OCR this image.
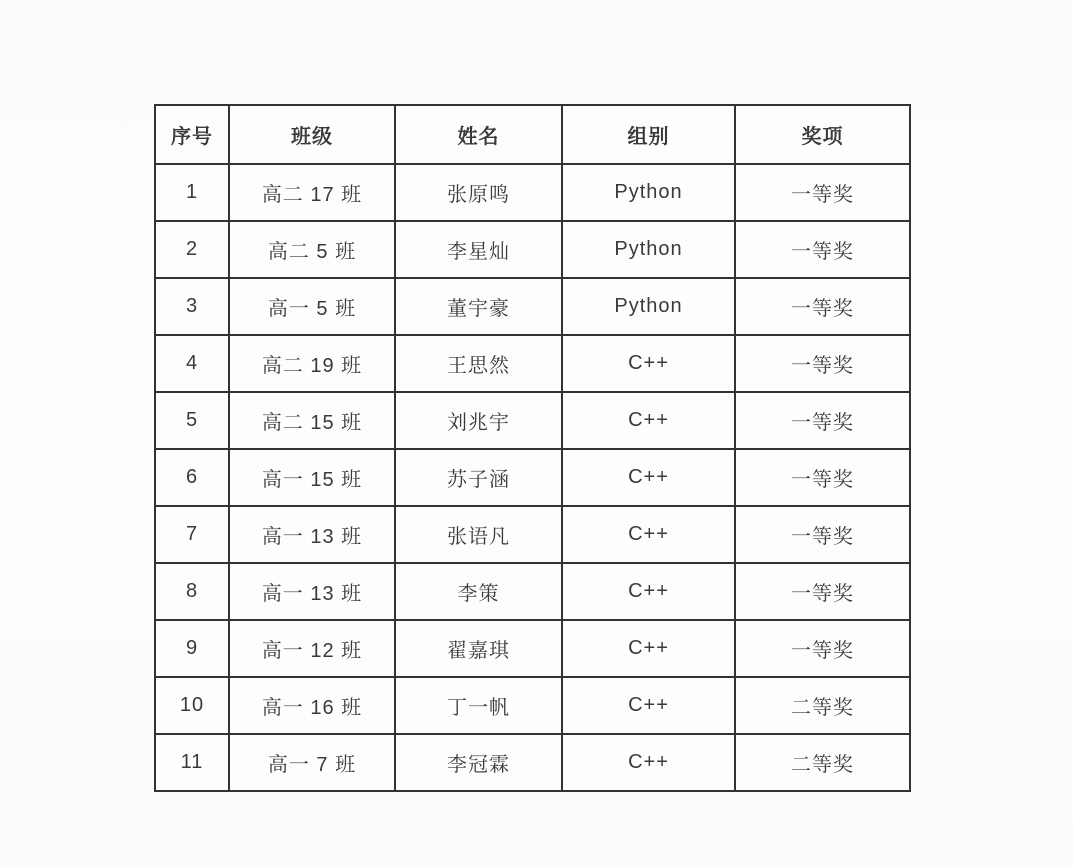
序号	班级	姓名	组别	奖项
1	高二 17 班	张原鸣	Python	一等奖
2	高二 5 班	李星灿	Python	一等奖
3	高一 5 班	董宇豪	Python	一等奖
4	高二 19 班	王思然	C++	一等奖
5	高二 15 班	刘兆宇	C++	一等奖
6	高一 15 班	苏子涵	C++	一等奖
7	高一 13 班	张语凡	C++	一等奖
8	高一 13 班	李策	C++	一等奖
9	高一 12 班	翟嘉琪	C++	一等奖
10	高一 16 班	丁一帆	C++	二等奖
11	高一 7 班	李冠霖	C++	二等奖
